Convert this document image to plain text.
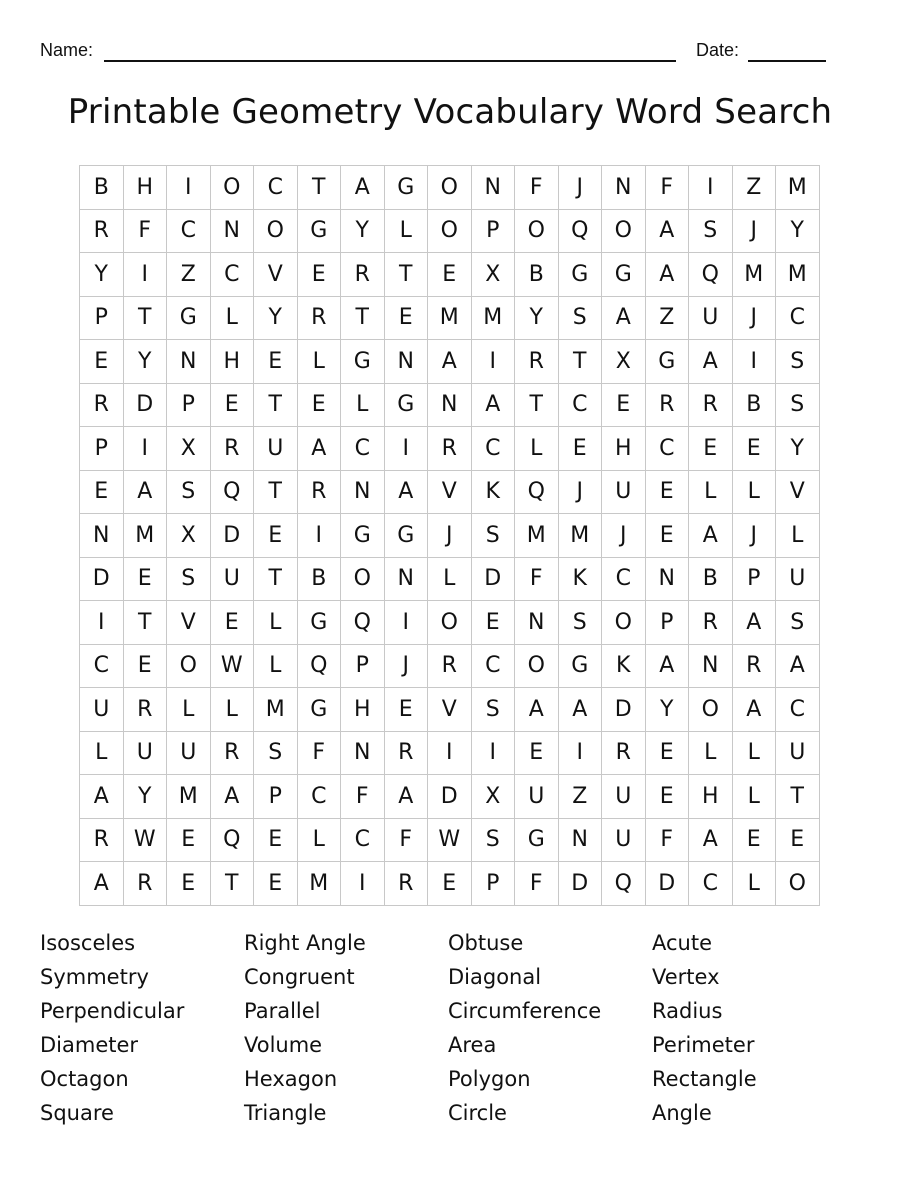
Name:	Date:
Printable Geometry Vocabulary Word Search
B	H	I	O	C	T	A	G	O	N	F	J	N	F	I	Z	M
R	F	C	N	O	G	Y	L	O	P	O	Q	O	A	S	J	Y
Y	I	Z	C	V	E	R	T	E	X	B	G	G	A	Q	M	M
P	T	G	L	Y	R	T	E	M	M	Y	S	A	Z	U	J	C
E	Y	N	H	E	L	G	N	A	I	R	T	X	G	A	I	S
R	D	P	E	T	E	L	G	N	A	T	C	E	R	R	B	S
P	I	X	R	U	A	C	I	R	C	L	E	H	C	E	E	Y
E	A	S	Q	T	R	N	A	V	K	Q	J	U	E	L	L	V
N	M	X	D	E	I	G	G	J	S	M	M	J	E	A	J	L
D	E	S	U	T	B	O	N	L	D	F	K	C	N	B	P	U
I	T	V	E	L	G	Q	I	O	E	N	S	O	P	R	A	S
C	E	O	W	L	Q	P	J	R	C	O	G	K	A	N	R	A
U	R	L	L	M	G	H	E	V	S	A	A	D	Y	O	A	C
L	U	U	R	S	F	N	R	I	I	E	I	R	E	L	L	U
A	Y	M	A	P	C	F	A	D	X	U	Z	U	E	H	L	T
R	W	E	Q	E	L	C	F	W	S	G	N	U	F	A	E	E
A	R	E	T	E	M	I	R	E	P	F	D	Q	D	C	L	O
Isosceles	Right Angle	Obtuse	Acute
Symmetry	Congruent	Diagonal	Vertex
Perpendicular	Parallel	Circumference	Radius
Diameter	Volume	Area	Perimeter
Octagon	Hexagon	Polygon	Rectangle
Square	Triangle	Circle	Angle
